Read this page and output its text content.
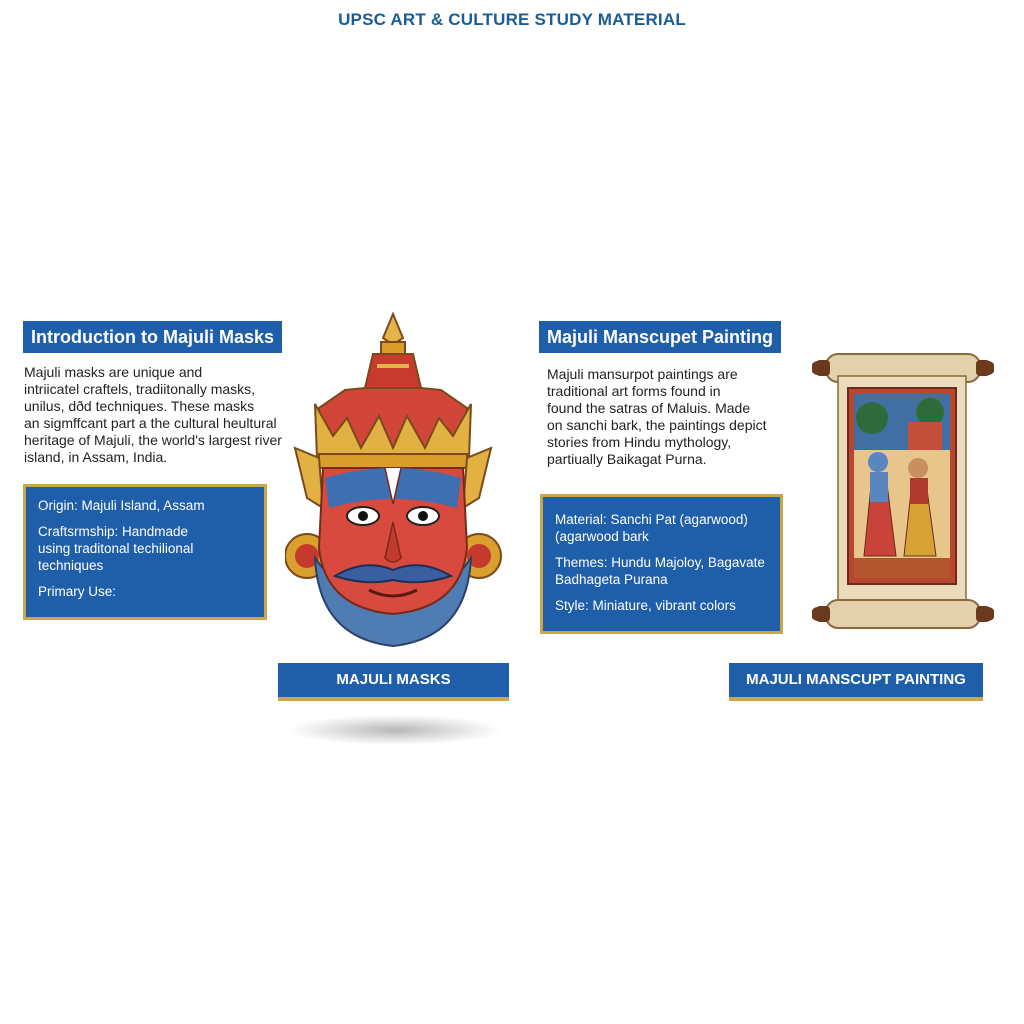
UPSC ART & CULTURE STUDY MATERIAL
Introduction to Majuli Masks
Majuli masks are unique and
intriicatel craftels, tradiitonally masks,
unilus, dðd techniques. These masks
an sigmffcant part a the cultural heultural
heritage of Majuli, the world's largest river
island, in Assam, India.
Origin: Majuli Island, Assam
Craftsrmship: Handmade
using traditonal techilional
techniques
Primary Use:
MAJULI MASKS
Majuli Manscupet Painting
Majuli mansurpot paintings are
traditional art forms found in
found the satras of Maluis. Made
on sanchi bark, the paintings depict
stories from Hindu mythology,
partiually Baikagat Purna.
Material: Sanchi Pat (agarwood)
(agarwood bark
Themes: Hundu Majoloy, Bagavate
Badhageta Purana
Style: Miniature, vibrant colors
MAJULI MANSCUPT PAINTING
